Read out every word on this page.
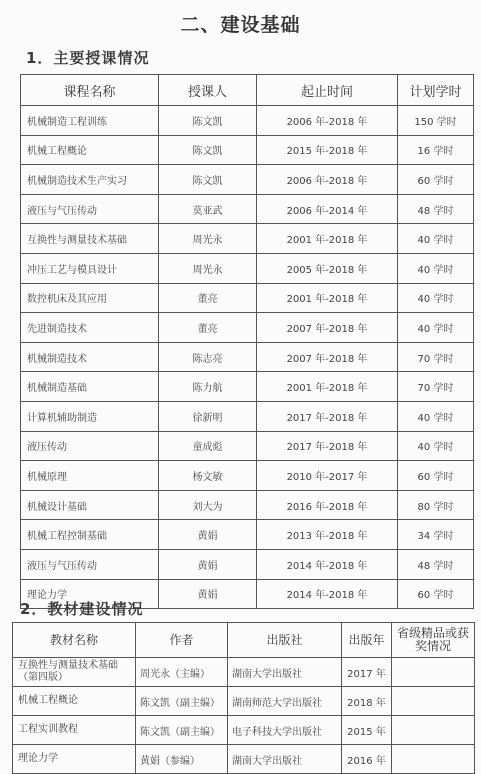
二、建设基础
1．主要授课情况
课程名称	授课人	起止时间	计划学时
机械制造工程训练	陈文凯	2006 年-2018 年	150 学时
机械工程概论	陈文凯	2015 年-2018 年	16 学时
机械制造技术生产实习	陈文凯	2006 年-2018 年	60 学时
液压与气压传动	莫亚武	2006 年-2014 年	48 学时
互换性与测量技术基础	周光永	2001 年-2018 年	40 学时
冲压工艺与模具设计	周光永	2005 年-2018 年	40 学时
数控机床及其应用	董亮	2001 年-2018 年	40 学时
先进制造技术	董亮	2007 年-2018 年	40 学时
机械制造技术	陈志亮	2007 年-2018 年	70 学时
机械制造基础	陈力航	2001 年-2018 年	70 学时
计算机辅助制造	徐新明	2017 年-2018 年	40 学时
液压传动	童成彪	2017 年-2018 年	40 学时
机械原理	杨文敏	2010 年-2017 年	60 学时
机械设计基础	刘大为	2016 年-2018 年	80 学时
机械工程控制基础	黄娟	2013 年-2018 年	34 学时
液压与气压传动	黄娟	2014 年-2018 年	48 学时
理论力学	黄娟	2014 年-2018 年	60 学时
2．教材建设情况
教材名称	作者	出版社	出版年	省级精品或获奖情况
互换性与测量技术基础（第四版）	周光永（主编）	湖南大学出版社	2017 年	
机械工程概论	陈文凯（副主编）	湖南师范大学出版社	2018 年	
工程实训教程	陈文凯（副主编）	电子科技大学出版社	2015 年	
理论力学	黄娟（参编）	湖南大学出版社	2016 年	
